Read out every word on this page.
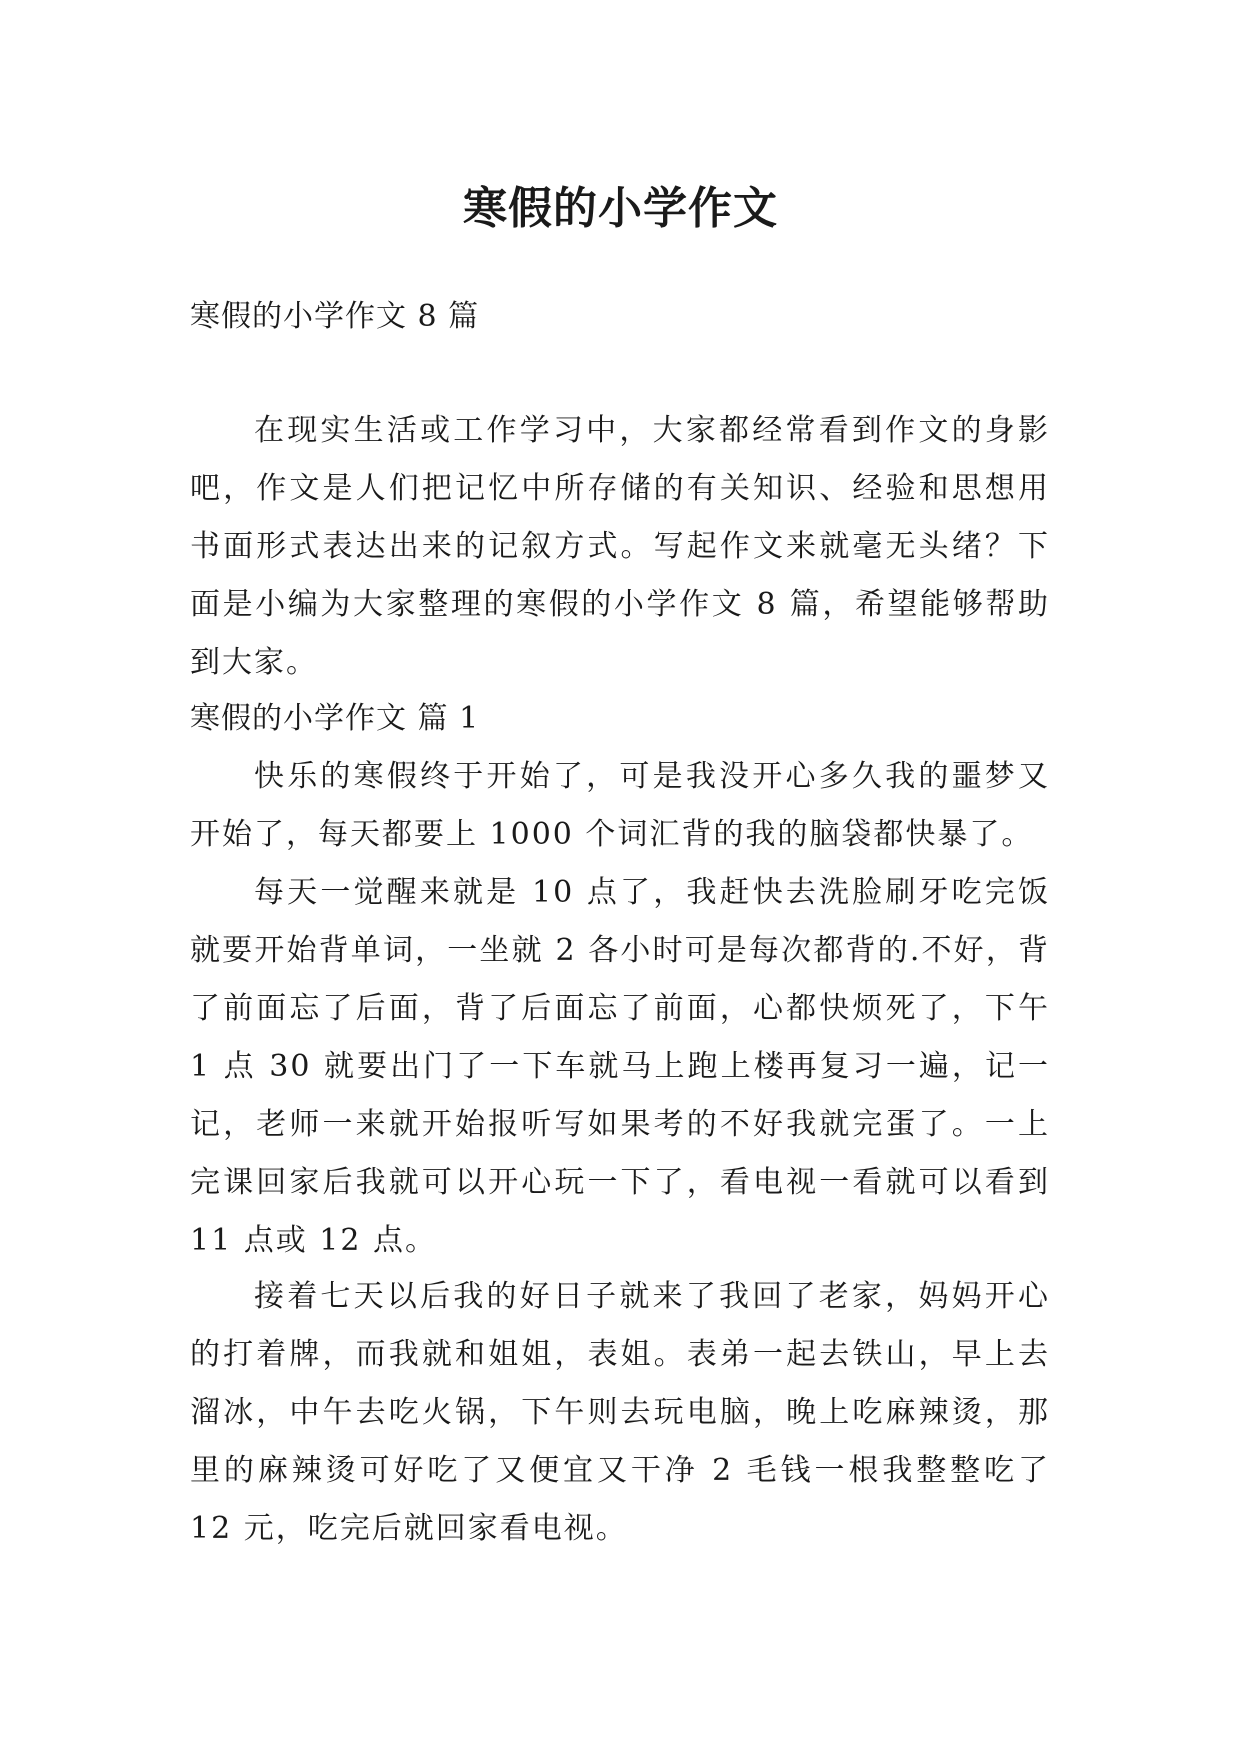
寒假的小学作文
寒假的小学作文 8 篇

在现实生活或工作学习中，大家都经常看到作文的身影吧，作文是人们把记忆中所存储的有关知识、经验和思想用书面形式表达出来的记叙方式。写起作文来就毫无头绪？下面是小编为大家整理的寒假的小学作文 8 篇，希望能够帮助到大家。

寒假的小学作文 篇 1

快乐的寒假终于开始了，可是我没开心多久我的噩梦又开始了，每天都要上 1000 个词汇背的我的脑袋都快暴了。

每天一觉醒来就是 10 点了，我赶快去洗脸刷牙吃完饭就要开始背单词，一坐就 2 各小时可是每次都背的.不好，背了前面忘了后面，背了后面忘了前面，心都快烦死了，下午 1 点 30 就要出门了一下车就马上跑上楼再复习一遍，记一记，老师一来就开始报听写如果考的不好我就完蛋了。一上完课回家后我就可以开心玩一下了，看电视一看就可以看到 11 点或 12 点。

接着七天以后我的好日子就来了我回了老家，妈妈开心的打着牌，而我就和姐姐，表姐。表弟一起去铁山，早上去溜冰，中午去吃火锅，下午则去玩电脑，晚上吃麻辣烫，那里的麻辣烫可好吃了又便宜又干净 2 毛钱一根我整整吃了 12 元，吃完后就回家看电视。
